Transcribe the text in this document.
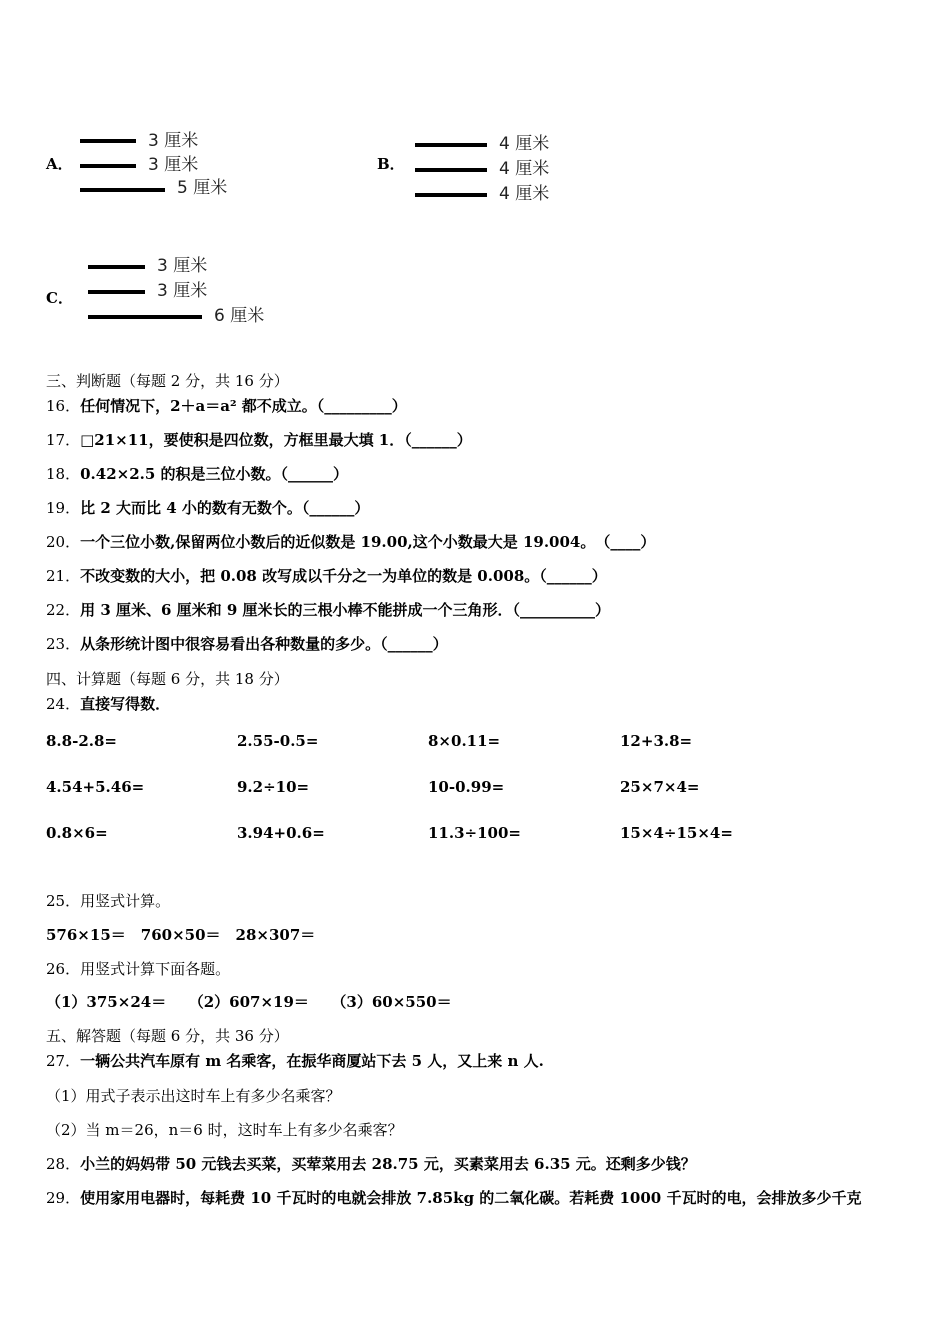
A．
3 厘米
3 厘米
5 厘米
B．
4 厘米
4 厘米
4 厘米
C．
3 厘米
3 厘米
6 厘米
三、判断题（每题 2 分，共 16 分）
16．任何情况下，2＋a＝a² 都不成立。（_________）
17．□21×11，要使积是四位数，方框里最大填 1．（______）
18．0.42×2.5 的积是三位小数。（______）
19．比 2 大而比 4 小的数有无数个。（______）
20．一个三位小数,保留两位小数后的近似数是 19.00,这个小数最大是 19.004。　（____）
21．不改变数的大小，把 0.08 改写成以千分之一为单位的数是 0.008。（______）
22．用 3 厘米、6 厘米和 9 厘米长的三根小棒不能拼成一个三角形．（__________）
23．从条形统计图中很容易看出各种数量的多少。（______）
四、计算题（每题 6 分，共 18 分）
24．直接写得数．
8.8-2.8=	2.55-0.5=	8×0.11=	12+3.8=
4.54+5.46=	9.2÷10=	10-0.99=	25×7×4=
0.8×6=	3.94+0.6=	11.3÷100=	15×4÷15×4=
25．用竖式计算。
576×15＝　760×50＝　28×307＝
26．用竖式计算下面各题。
（1）375×24＝　　（2）607×19＝　　（3）60×550＝
五、解答题（每题 6 分，共 36 分）
27．一辆公共汽车原有 m 名乘客，在振华商厦站下去 5 人，又上来 n 人.
（1）用式子表示出这时车上有多少名乘客？
（2）当 m＝26，n＝6 时，这时车上有多少名乘客？
28．小兰的妈妈带 50 元钱去买菜，买荤菜用去 28.75 元，买素菜用去 6.35 元。还剩多少钱？
29．使用家用电器时，每耗费 10 千瓦时的电就会排放 7.85kg 的二氧化碳。若耗费 1000 千瓦时的电，会排放多少千克
